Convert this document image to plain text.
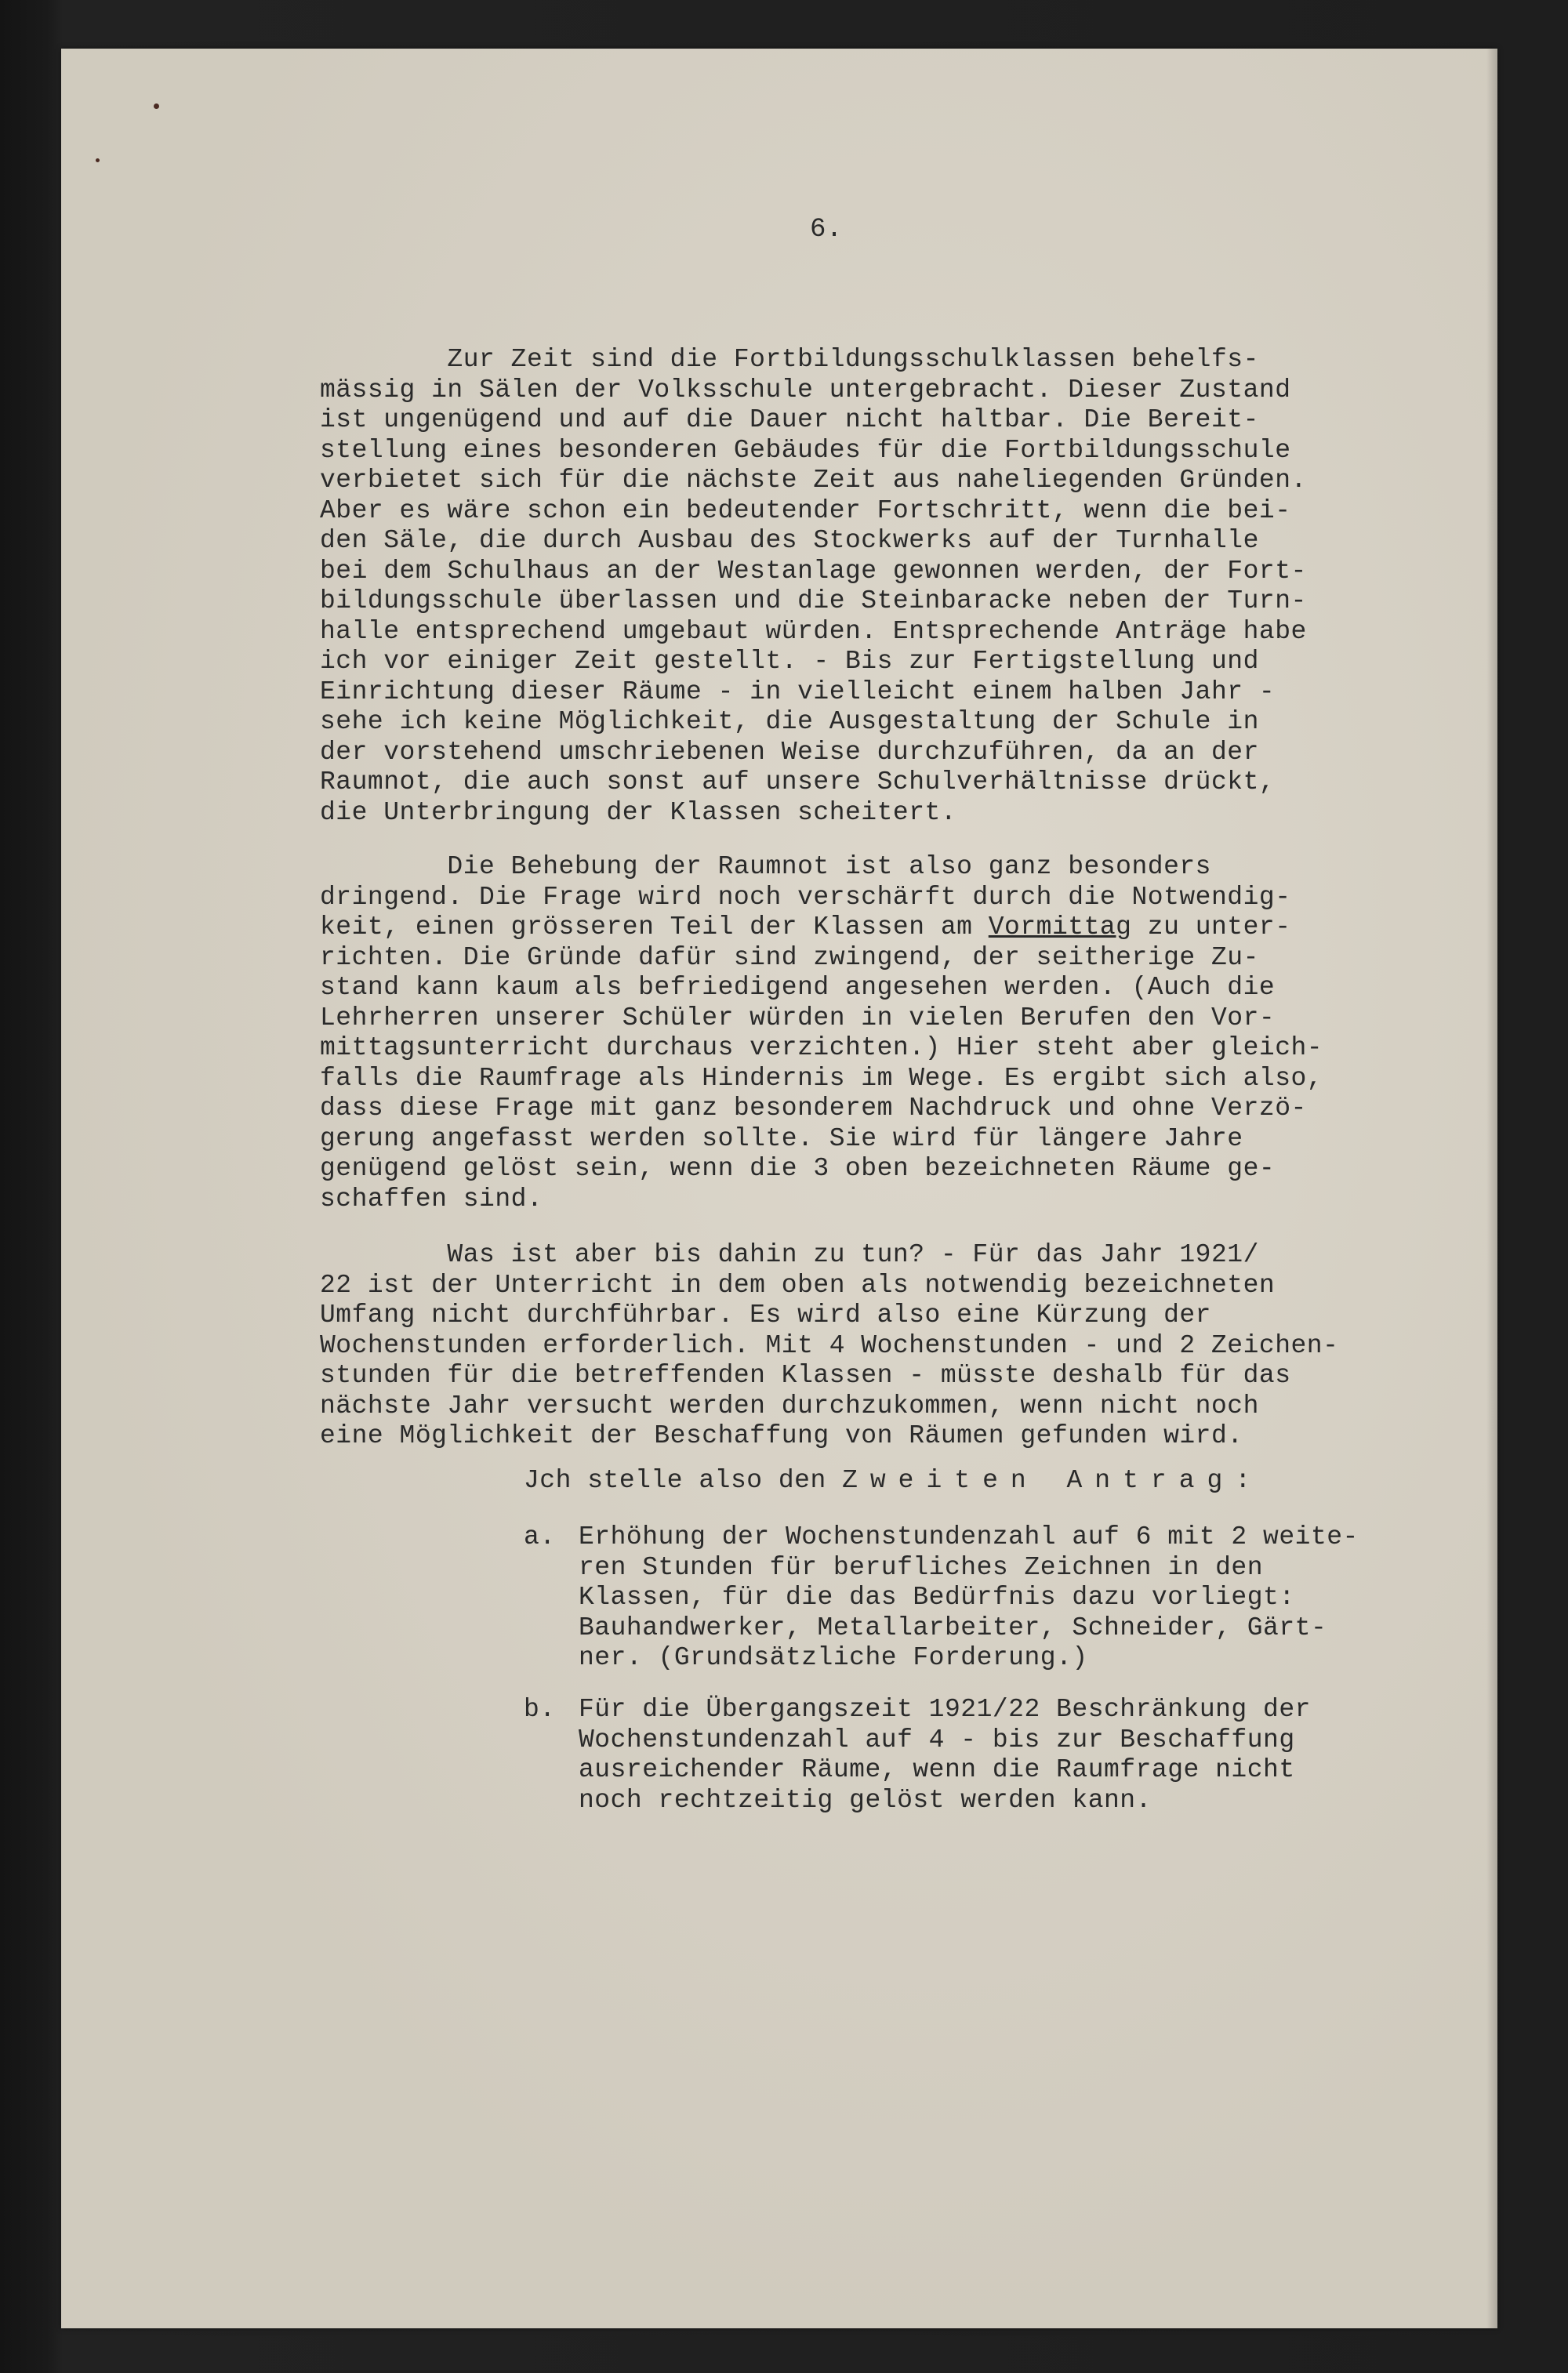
6.
Zur Zeit sind die Fortbildungsschulklassen behelfs-
mässig in Sälen der Volksschule untergebracht. Dieser Zustand
ist ungenügend und auf die Dauer nicht haltbar. Die Bereit-
stellung eines besonderen Gebäudes für die Fortbildungsschule
verbietet sich für die nächste Zeit aus naheliegenden Gründen.
Aber es wäre schon ein bedeutender Fortschritt, wenn die bei-
den Säle, die durch Ausbau des Stockwerks auf der Turnhalle
bei dem Schulhaus an der Westanlage gewonnen werden, der Fort-
bildungsschule überlassen und die Steinbaracke neben der Turn-
halle entsprechend umgebaut würden. Entsprechende Anträge habe
ich vor einiger Zeit gestellt. - Bis zur Fertigstellung und
Einrichtung dieser Räume - in vielleicht einem halben Jahr -
sehe ich keine Möglichkeit, die Ausgestaltung der Schule in
der vorstehend umschriebenen Weise durchzuführen, da an der
Raumnot, die auch sonst auf unsere Schulverhältnisse drückt,
die Unterbringung der Klassen scheitert.
Die Behebung der Raumnot ist also ganz besonders
dringend. Die Frage wird noch verschärft durch die Notwendig-
keit, einen grösseren Teil der Klassen am Vormittag zu unter-
richten. Die Gründe dafür sind zwingend, der seitherige Zu-
stand kann kaum als befriedigend angesehen werden. (Auch die
Lehrherren unserer Schüler würden in vielen Berufen den Vor-
mittagsunterricht durchaus verzichten.) Hier steht aber gleich-
falls die Raumfrage als Hindernis im Wege. Es ergibt sich also,
dass diese Frage mit ganz besonderem Nachdruck und ohne Verzö-
gerung angefasst werden sollte. Sie wird für längere Jahre
genügend gelöst sein, wenn die 3 oben bezeichneten Räume ge-
schaffen sind.
Was ist aber bis dahin zu tun? - Für das Jahr 1921/
22 ist der Unterricht in dem oben als notwendig bezeichneten
Umfang nicht durchführbar. Es wird also eine Kürzung der
Wochenstunden erforderlich. Mit 4 Wochenstunden - und 2 Zeichen-
stunden für die betreffenden Klassen - müsste deshalb für das
nächste Jahr versucht werden durchzukommen, wenn nicht noch
eine Möglichkeit der Beschaffung von Räumen gefunden wird.
Jch stelle also den Zweiten Antrag:
a. Erhöhung der Wochenstundenzahl auf 6 mit 2 weite-
ren Stunden für berufliches Zeichnen in den
Klassen, für die das Bedürfnis dazu vorliegt:
Bauhandwerker, Metallarbeiter, Schneider, Gärt-
ner. (Grundsätzliche Forderung.)
b. Für die Übergangszeit 1921/22 Beschränkung der
Wochenstundenzahl auf 4 - bis zur Beschaffung
ausreichender Räume, wenn die Raumfrage nicht
noch rechtzeitig gelöst werden kann.
